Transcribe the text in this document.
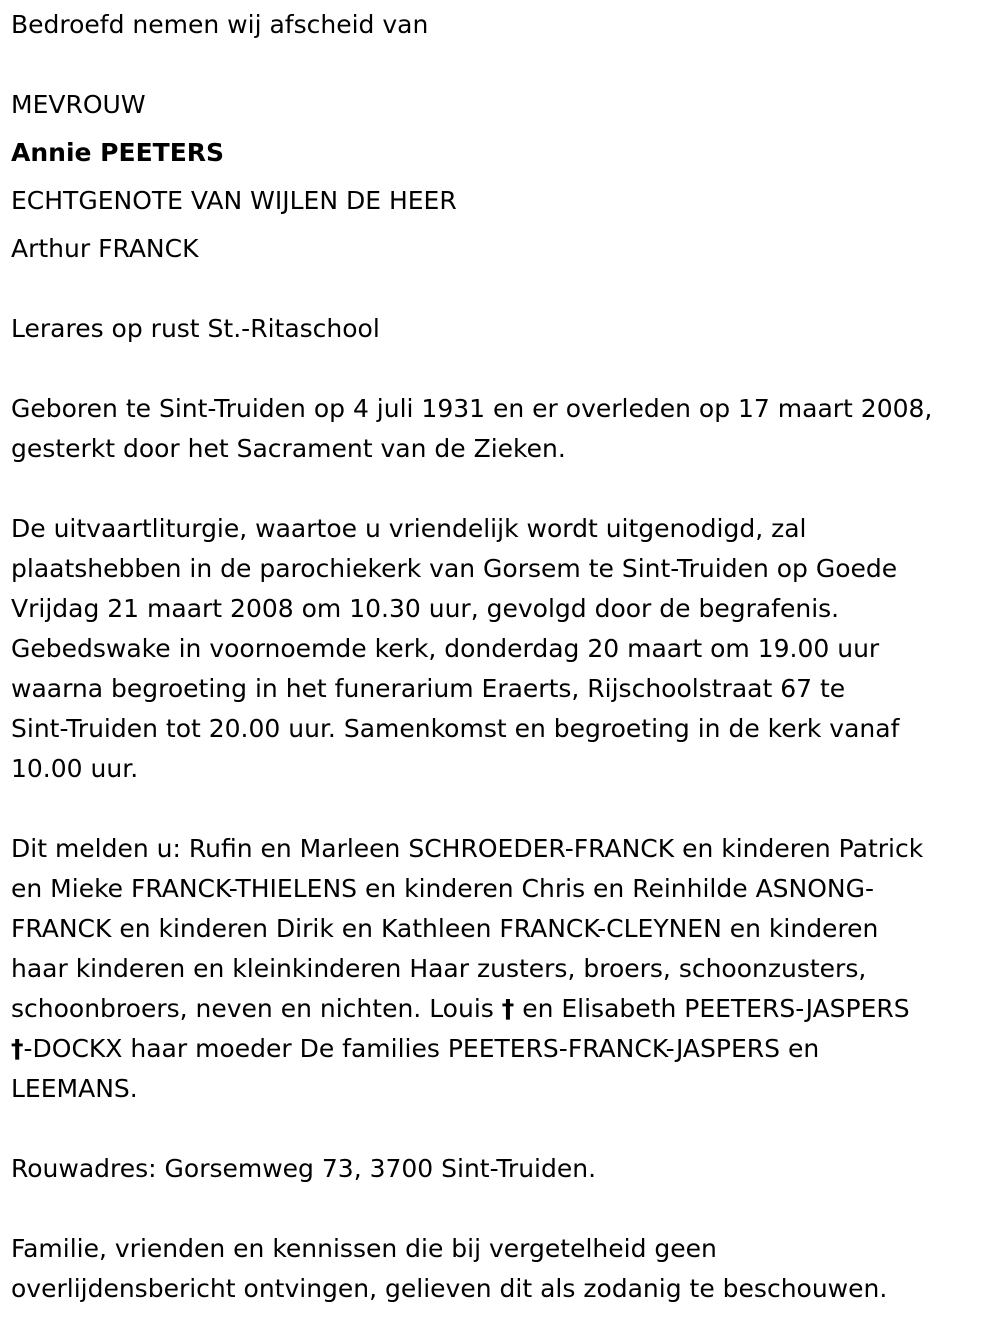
Bedroefd nemen wij afscheid van

MEVROUW

Annie PEETERS

ECHTGENOTE VAN WIJLEN DE HEER

Arthur FRANCK

Lerares op rust St.-Ritaschool

Geboren te Sint-Truiden op 4 juli 1931 en er overleden op 17 maart 2008,
gesterkt door het Sacrament van de Zieken.
De uitvaartliturgie, waartoe u vriendelijk wordt uitgenodigd, zal
plaatshebben in de parochiekerk van Gorsem te Sint-Truiden op Goede
Vrijdag 21 maart 2008 om 10.30 uur, gevolgd door de begrafenis.
Gebedswake in voornoemde kerk, donderdag 20 maart om 19.00 uur
waarna begroeting in het funerarium Eraerts, Rijschoolstraat 67 te
Sint-Truiden tot 20.00 uur. Samenkomst en begroeting in de kerk vanaf
10.00 uur.
Dit melden u: Rufin en Marleen SCHROEDER-FRANCK en kinderen Patrick
en Mieke FRANCK-THIELENS en kinderen Chris en Reinhilde ASNONG-
FRANCK en kinderen Dirik en Kathleen FRANCK-CLEYNEN en kinderen
haar kinderen en kleinkinderen Haar zusters, broers, schoonzusters,
schoonbroers, neven en nichten. Louis † en Elisabeth PEETERS-JASPERS
†-DOCKX haar moeder De families PEETERS-FRANCK-JASPERS en
LEEMANS.

Rouwadres: Gorsemweg 73, 3700 Sint-Truiden.

Familie, vrienden en kennissen die bij vergetelheid geen
overlijdensbericht ontvingen, gelieven dit als zodanig te beschouwen.
